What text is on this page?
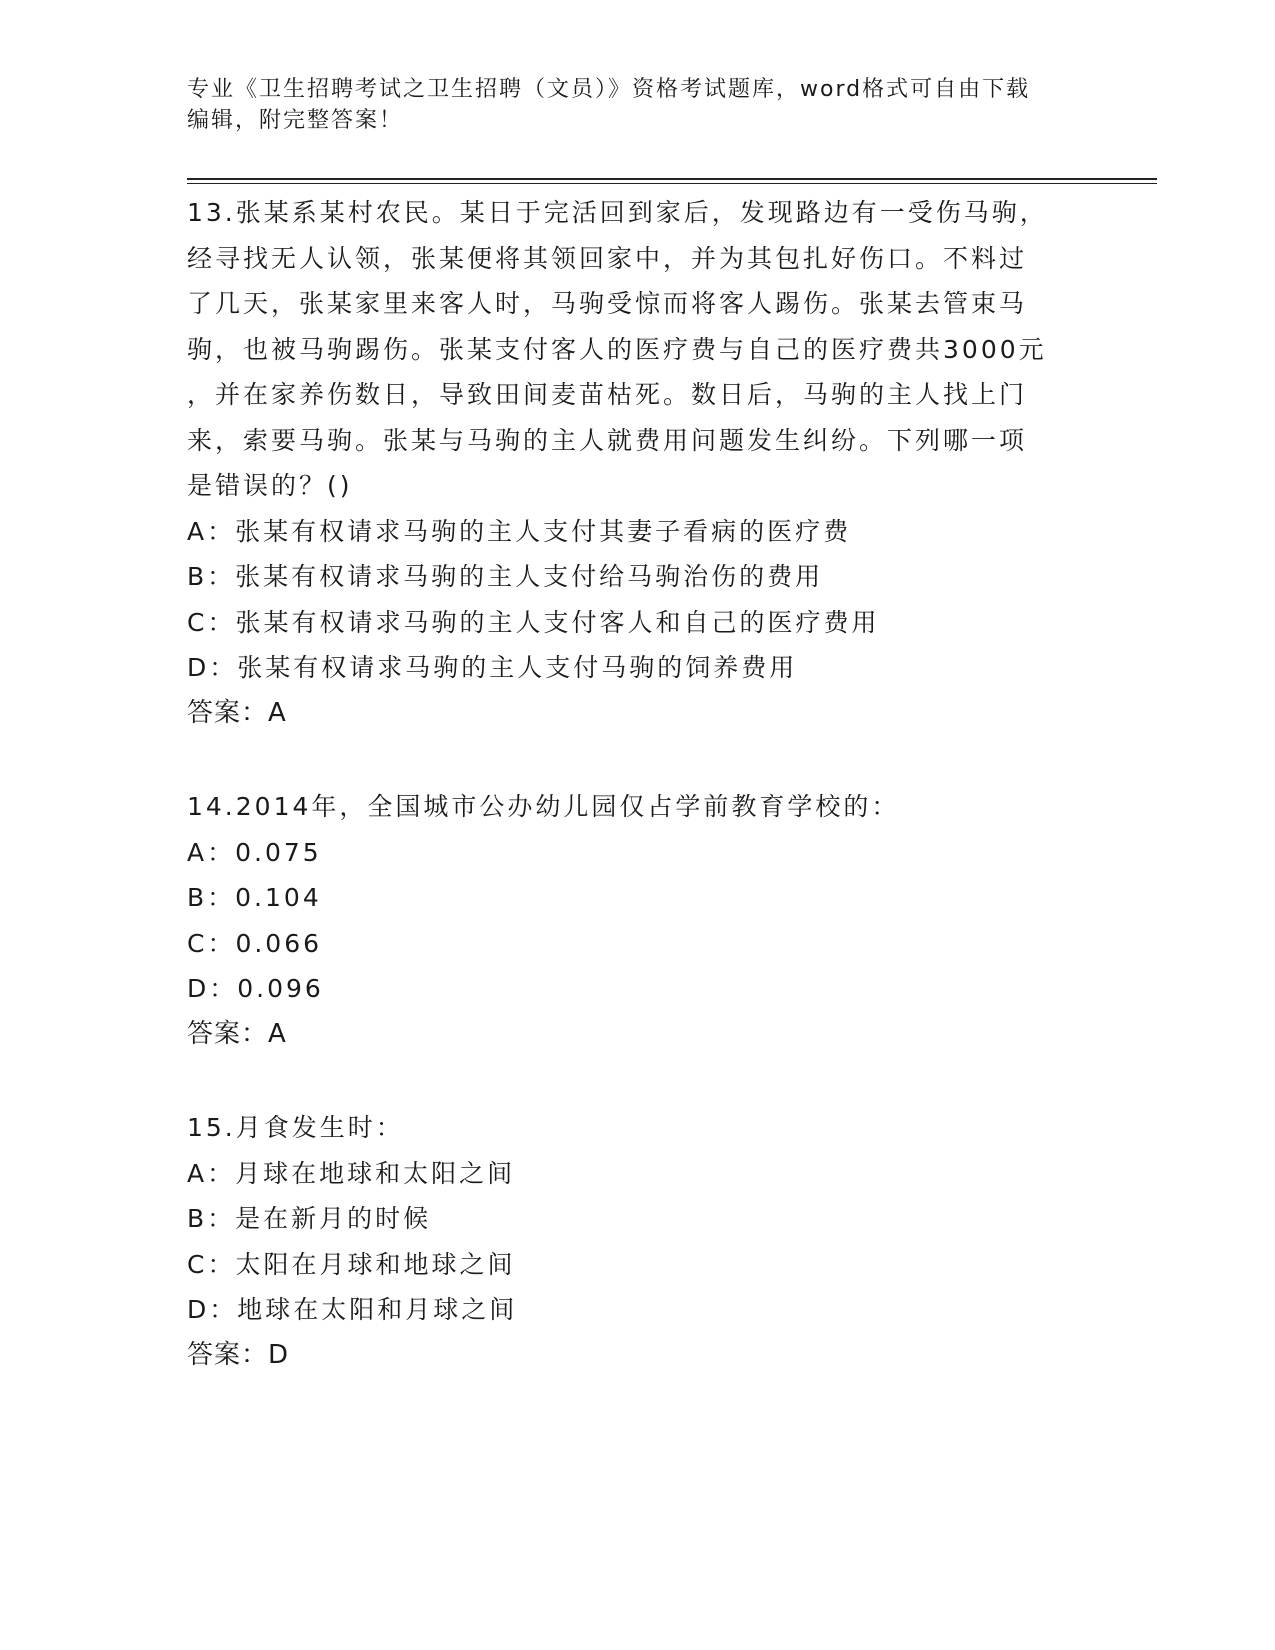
专业《卫生招聘考试之卫生招聘（文员）》资格考试题库，word格式可自由下载
编辑，附完整答案！

13.张某系某村农民。某日于完活回到家后，发现路边有一受伤马驹，

经寻找无人认领，张某便将其领回家中，并为其包扎好伤口。不料过

了几天，张某家里来客人时，马驹受惊而将客人踢伤。张某去管束马

驹，也被马驹踢伤。张某支付客人的医疗费与自己的医疗费共3000元

，并在家养伤数日，导致田间麦苗枯死。数日后，马驹的主人找上门

来，索要马驹。张某与马驹的主人就费用问题发生纠纷。下列哪一项

是错误的？()

A：张某有权请求马驹的主人支付其妻子看病的医疗费

B：张某有权请求马驹的主人支付给马驹治伤的费用

C：张某有权请求马驹的主人支付客人和自己的医疗费用

D：张某有权请求马驹的主人支付马驹的饲养费用

答案：A

14.2014年，全国城市公办幼儿园仅占学前教育学校的：

A：0.075

B：0.104

C：0.066

D：0.096

答案：A

15.月食发生时：

A：月球在地球和太阳之间

B：是在新月的时候

C：太阳在月球和地球之间

D：地球在太阳和月球之间

答案：D
